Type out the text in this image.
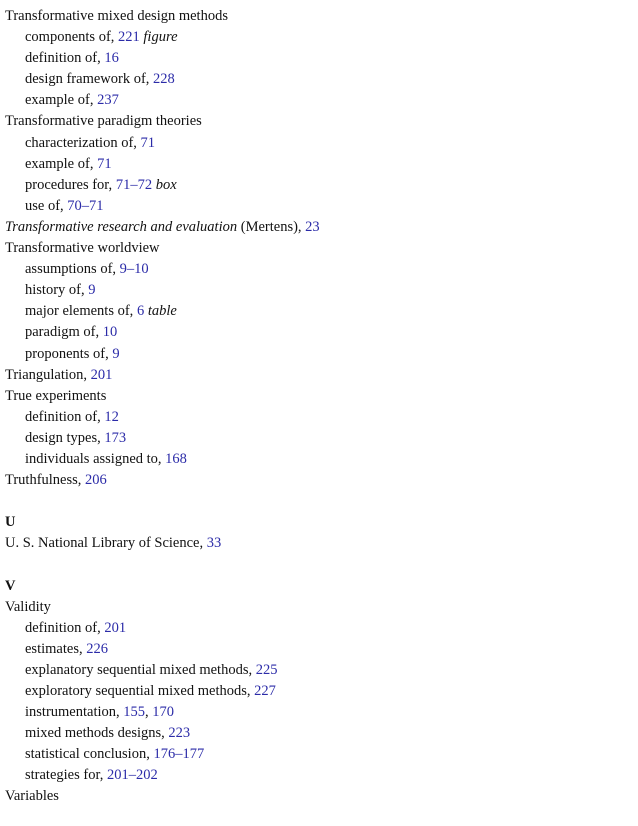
Transformative mixed design methods
components of, 221 figure
definition of, 16
design framework of, 228
example of, 237
Transformative paradigm theories
characterization of, 71
example of, 71
procedures for, 71–72 box
use of, 70–71
Transformative research and evaluation (Mertens), 23
Transformative worldview
assumptions of, 9–10
history of, 9
major elements of, 6 table
paradigm of, 10
proponents of, 9
Triangulation, 201
True experiments
definition of, 12
design types, 173
individuals assigned to, 168
Truthfulness, 206
U
U. S. National Library of Science, 33
V
Validity
definition of, 201
estimates, 226
explanatory sequential mixed methods, 225
exploratory sequential mixed methods, 227
instrumentation, 155, 170
mixed methods designs, 223
statistical conclusion, 176–177
strategies for, 201–202
Variables
